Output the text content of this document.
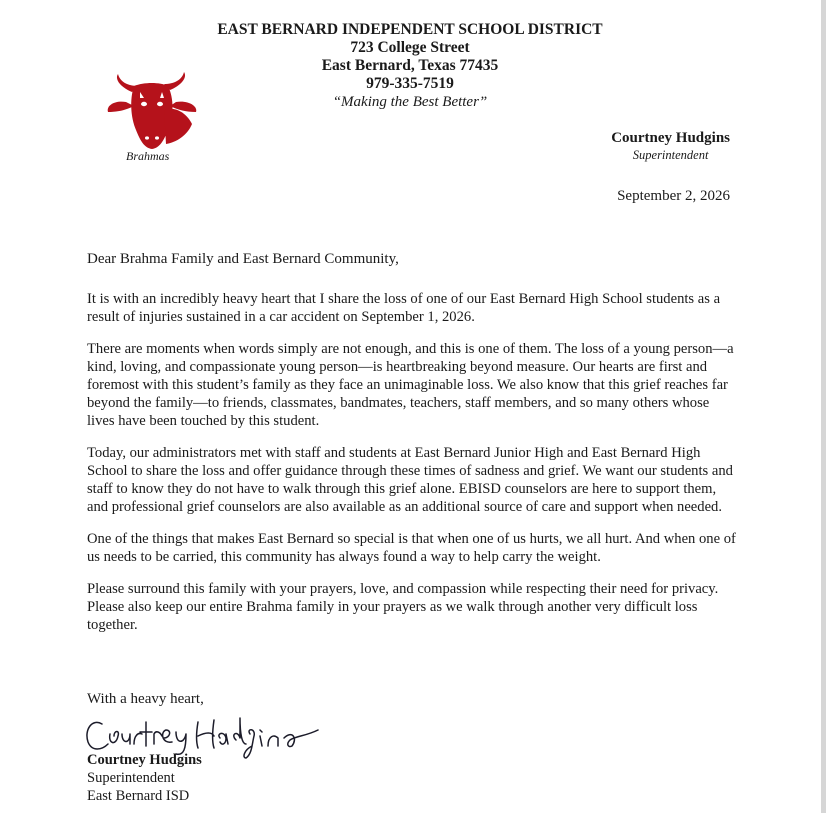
EAST BERNARD INDEPENDENT SCHOOL DISTRICT
723 College Street
East Bernard, Texas 77435
979-335-7519
“Making the Best Better”
Brahmas
Courtney Hudgins
Superintendent
September 2, 2026
Dear Brahma Family and East Bernard Community,

It is with an incredibly heavy heart that I share the loss of one of our East Bernard High School students as a result of injuries sustained in a car accident on September 1, 2026.

There are moments when words simply are not enough, and this is one of them. The loss of a young person—a kind, loving, and compassionate young person—is heartbreaking beyond measure. Our hearts are first and foremost with this student’s family as they face an unimaginable loss. We also know that this grief reaches far beyond the family—to friends, classmates, bandmates, teachers, staff members, and so many others whose lives have been touched by this student.

Today, our administrators met with staff and students at East Bernard Junior High and East Bernard High School to share the loss and offer guidance through these times of sadness and grief. We want our students and staff to know they do not have to walk through this grief alone. EBISD counselors are here to support them, and professional grief counselors are also available as an additional source of care and support when needed.

One of the things that makes East Bernard so special is that when one of us hurts, we all hurt. And when one of us needs to be carried, this community has always found a way to help carry the weight.

Please surround this family with your prayers, love, and compassion while respecting their need for privacy. Please also keep our entire Brahma family in your prayers as we walk through another very difficult loss together.

With a heavy heart,
Courtney Hudgins
Superintendent
East Bernard ISD
